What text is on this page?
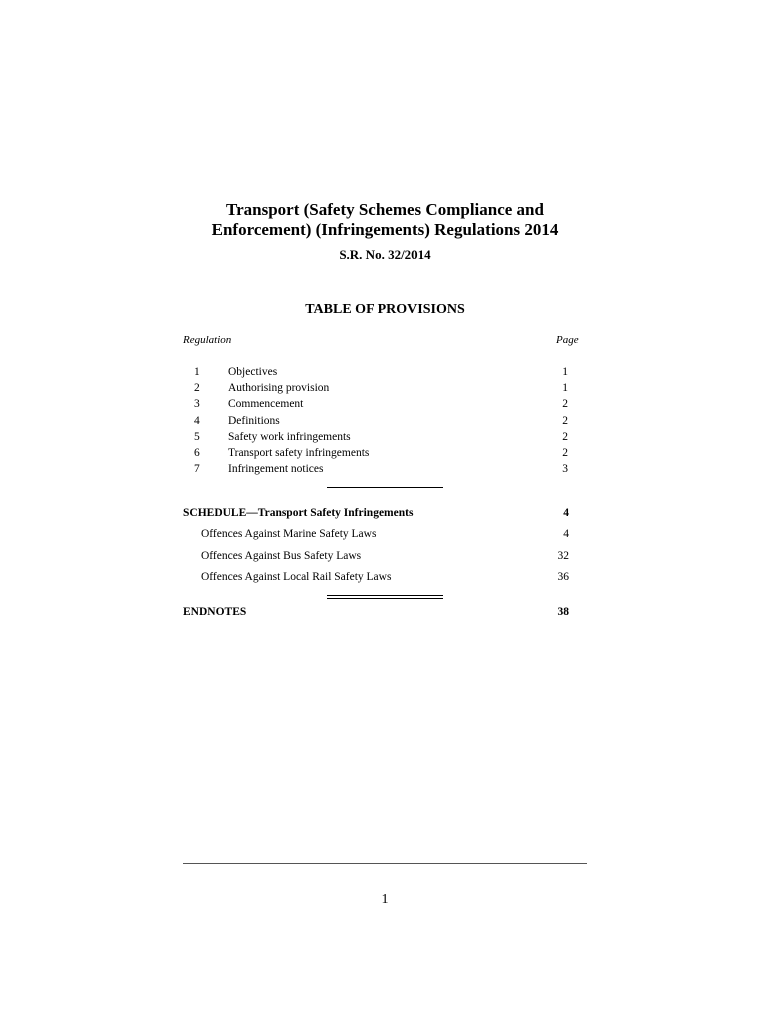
Transport (Safety Schemes Compliance and
Enforcement) (Infringements) Regulations 2014
S.R. No. 32/2014
TABLE OF PROVISIONS
Regulation	Page
1	Objectives	1
2	Authorising provision	1
3	Commencement	2
4	Definitions	2
5	Safety work infringements	2
6	Transport safety infringements	2
7	Infringement notices	3
SCHEDULE—Transport Safety Infringements	4
Offences Against Marine Safety Laws	4
Offences Against Bus Safety Laws	32
Offences Against Local Rail Safety Laws	36
ENDNOTES	38
1
